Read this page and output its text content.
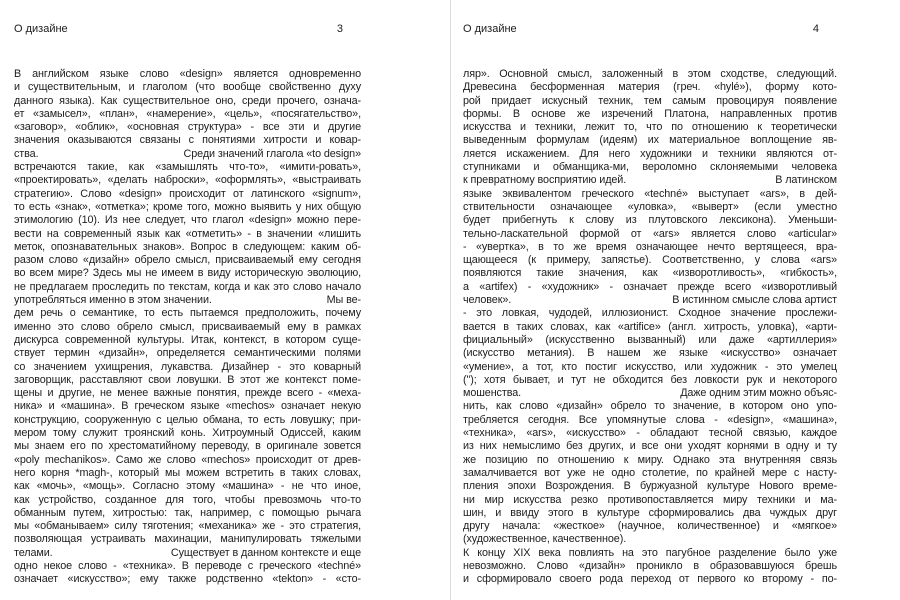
О дизайне	3
В английском языке слово «design» является одновременно
и существительным, и глаголом (что вообще свойственно духу
данного языка). Как существительное оно, среди прочего, означа-
ет «замысел», «план», «намерение», «цель», «посягательство»,
«заговор», «облик», «основная структура» - все эти и другие
значения оказываются связаны с понятиями хитрости и ковар-
ства.	Среди значений глагола «to design»
встречаются такие, как «замышлять что-то», «имити-ровать»,
«проектировать», «делать наброски», «оформлять», «выстраивать
стратегию». Слово «design» происходит от латинского «signum»,
то есть «знак», «отметка»; кроме того, можно выявить у них общую
этимологию (10). Из нее следует, что глагол «design» можно пере-
вести на современный язык как «отметить» - в значении «лишить
меток, опознавательных знаков». Вопрос в следующем: каким об-
разом слово «дизайн» обрело смысл, присваиваемый ему сегодня
во всем мире? Здесь мы не имеем в виду историческую эволюцию,
не предлагаем проследить по текстам, когда и как это слово начало
употребляться именно в этом значении.	Мы ве-
дем речь о семантике, то есть пытаемся предположить, почему
именно это слово обрело смысл, присваиваемый ему в рамках
дискурса современной культуры. Итак, контекст, в котором суще-
ствует термин «дизайн», определяется семантическими полями
со значением ухищрения, лукавства. Дизайнер - это коварный
заговорщик, расставляют свои ловушки. В этот же контекст поме-
щены и другие, не менее важные понятия, прежде всего - «меха-
ника» и «машина». В греческом языке «mechos» означает некую
конструкцию, сооруженную с целью обмана, то есть ловушку; при-
мером тому служит троянский конь. Хитроумный Одиссей, каким
мы знаем его по хрестоматийному переводу, в оригинале зовется
«poly mechanikos». Само же слово «mechos» происходит от древ-
него корня *magh-, который мы можем встретить в таких словах,
как «мочь», «мощь». Согласно этому «машина» - не что иное,
как устройство, созданное для того, чтобы превозмочь что-то
обманным путем, хитростью: так, например, с помощью рычага
мы «обманываем» силу тяготения; «механика» же - это стратегия,
позволяющая устраивать махинации, манипулировать тяжелыми
телами.	Существует в данном контексте и еще
одно некое слово - «техника». В переводе с греческого «techné»
означает «искусство»; ему также родственно «tekton» - «сто-
О дизайне	4
ляр». Основной смысл, заложенный в этом сходстве, следующий.
Древесина бесформенная материя (греч. «hylé»), форму кото-
рой придает искусный техник, тем самым провоцируя появление
формы. В основе же изречений Платона, направленных против
искусства и техники, лежит то, что по отношению к теоретически
выведенным формулам (идеям) их материальное воплощение яв-
ляется искажением. Для него художники и техники являются от-
ступниками и обманщика-ми, вероломно склоняемыми человека
к превратному восприятию идей.	В латинском
языке эквивалентом греческого «techné» выступает «ars», в дей-
ствительности означающее «уловка», «выверт» (если уместно
будет прибегнуть к слову из плутовского лексикона). Уменьши-
тельно-ласкательной формой от «ars» является слово «articular»
- «увертка», в то же время означающее нечто вертящееся, вра-
щающееся (к примеру, запястье). Соответственно, у слова «ars»
появляются такие значения, как «изворотливость», «гибкость»,
а «artifex) - «художник» - означает прежде всего «изворотливый
человек».	В истинном смысле слова артист
- это ловкая, чудодей, иллюзионист. Сходное значение прослежи-
вается в таких словах, как «artifice» (англ. хитрость, уловка), «арти-
фициальный» (искусственно вызванный) или даже «артиллерия»
(искусство метания). В нашем же языке «искусство» означает
«умение», а тот, кто постиг искусство, или художник - это умелец
("); хотя бывает, и тут не обходится без ловкости рук и некоторого
мошенства.	Даже одним этим можно объяс-
нить, как слово «дизайн» обрело то значение, в котором оно упо-
требляется сегодня. Все упомянутые слова - «design», «машина»,
«техника», «ars», «искусство» - обладают тесной связью, каждое
из них немыслимо без других, и все они уходят корнями в одну и ту
же позицию по отношению к миру. Однако эта внутренняя связь
замалчивается вот уже не одно столетие, по крайней мере с насту-
пления эпохи Возрождения. В буржуазной культуре Нового време-
ни мир искусства резко противопоставляется миру техники и ма-
шин, и ввиду этого в культуре сформировались два чуждых друг
другу начала: «жесткое» (научное, количественное) и «мягкое»
(художественное, качественное).
К концу XIX века повлиять на это пагубное разделение было уже
невозможно. Слово «дизайн» проникло в образовавшуюся брешь
и сформировало своего рода переход от первого ко второму - по-
